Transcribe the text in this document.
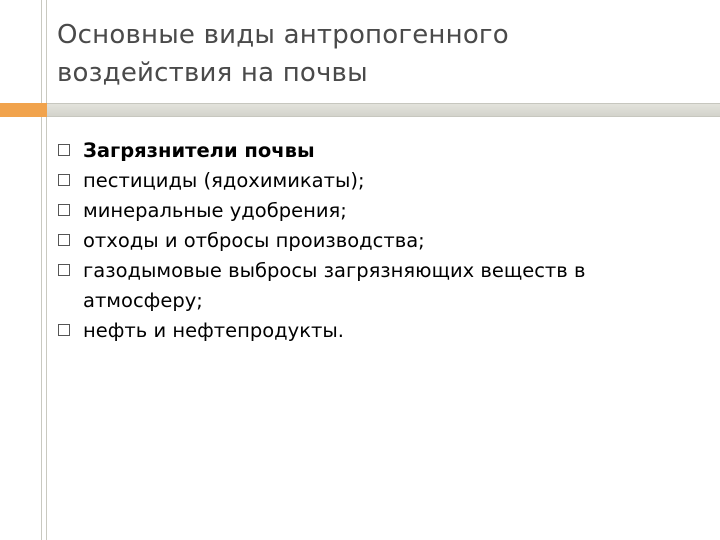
Основные виды антропогенного
воздействия на почвы
Загрязнители почвы
пестициды (ядохимикаты);
минеральные удобрения;
отходы и отбросы производства;
газодымовые выбросы загрязняющих веществ в атмосферу;
нефть и нефтепродукты.
